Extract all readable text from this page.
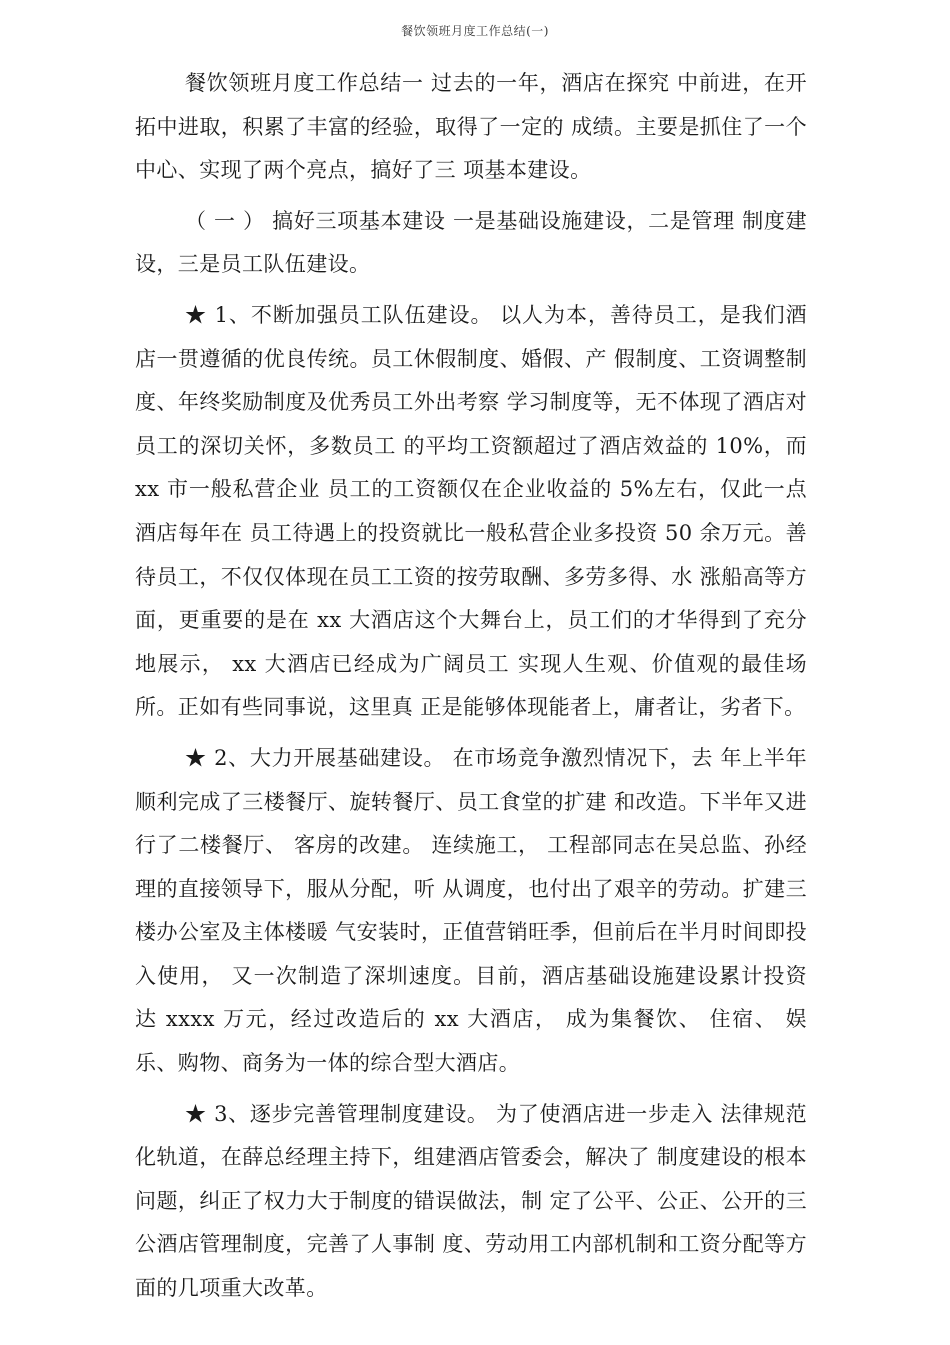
餐饮领班月度工作总结(一)

餐饮领班月度工作总结一 过去的一年，酒店在探究 中前进，在开拓中进取，积累了丰富的经验，取得了一定的 成绩。主要是抓住了一个中心、实现了两个亮点，搞好了三 项基本建设。

（ 一 ） 搞好三项基本建设 一是基础设施建设，二是管理 制度建设，三是员工队伍建设。

★ 1、不断加强员工队伍建设。 以人为本，善待员工，是我们酒店一贯遵循的优良传统。员工休假制度、婚假、产 假制度、工资调整制度、年终奖励制度及优秀员工外出考察 学习制度等，无不体现了酒店对员工的深切关怀，多数员工 的平均工资额超过了酒店效益的 10%，而 xx 市一般私营企业 员工的工资额仅在企业收益的 5%左右，仅此一点酒店每年在 员工待遇上的投资就比一般私营企业多投资 50 余万元。善 待员工，不仅仅体现在员工工资的按劳取酬、多劳多得、水 涨船高等方面，更重要的是在 xx 大酒店这个大舞台上，员工们的才华得到了充分地展示， xx 大酒店已经成为广阔员工 实现人生观、价值观的最佳场所。正如有些同事说，这里真 正是能够体现能者上，庸者让，劣者下。

★ 2、大力开展基础建设。 在市场竞争激烈情况下，去 年上半年顺利完成了三楼餐厅、旋转餐厅、员工食堂的扩建 和改造。下半年又进行了二楼餐厅、 客房的改建。 连续施工， 工程部同志在吴总监、孙经理的直接领导下，服从分配，听 从调度，也付出了艰辛的劳动。扩建三楼办公室及主体楼暖 气安装时，正值营销旺季，但前后在半月时间即投入使用， 又一次制造了深圳速度。目前，酒店基础设施建设累计投资 达 xxxx 万元，经过改造后的 xx 大酒店， 成为集餐饮、 住宿、 娱乐、购物、商务为一体的综合型大酒店。

★ 3、逐步完善管理制度建设。 为了使酒店进一步走入 法律规范化轨道，在薛总经理主持下，组建酒店管委会，解决了 制度建设的根本问题，纠正了权力大于制度的错误做法，制 定了公平、公正、公开的三公酒店管理制度，完善了人事制 度、劳动用工内部机制和工资分配等方面的几项重大改革。
